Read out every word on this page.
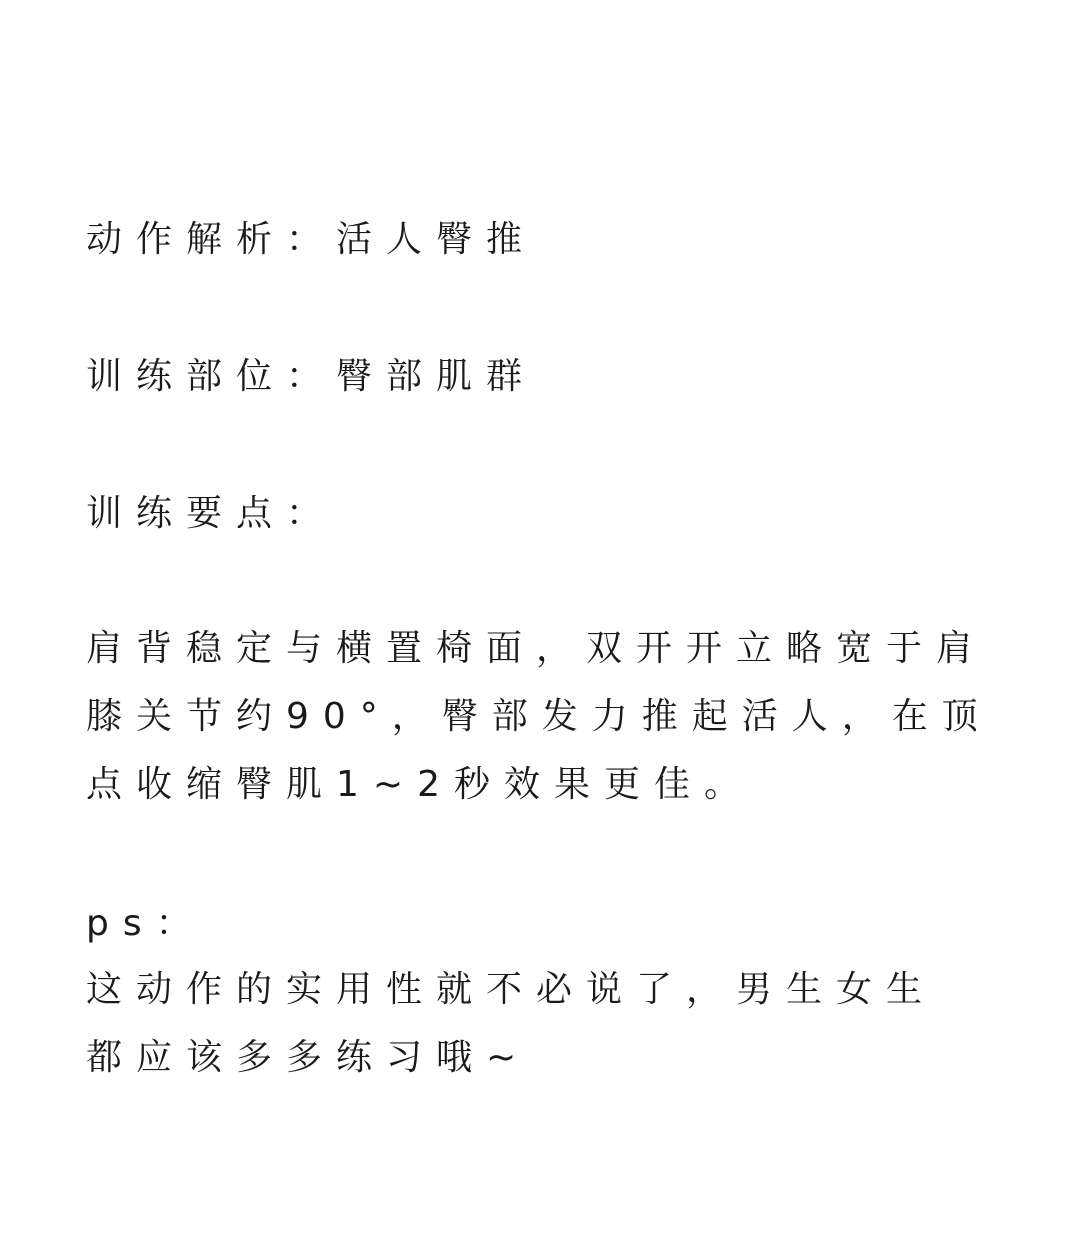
动作解析：活人臀推

训练部位：臀部肌群

训练要点：

肩背稳定与横置椅面，双开开立略宽于肩

膝关节约90°，臀部发力推起活人，在顶

点收缩臀肌1~2秒效果更佳。

ps：

这动作的实用性就不必说了，男生女生

都应该多多练习哦~
